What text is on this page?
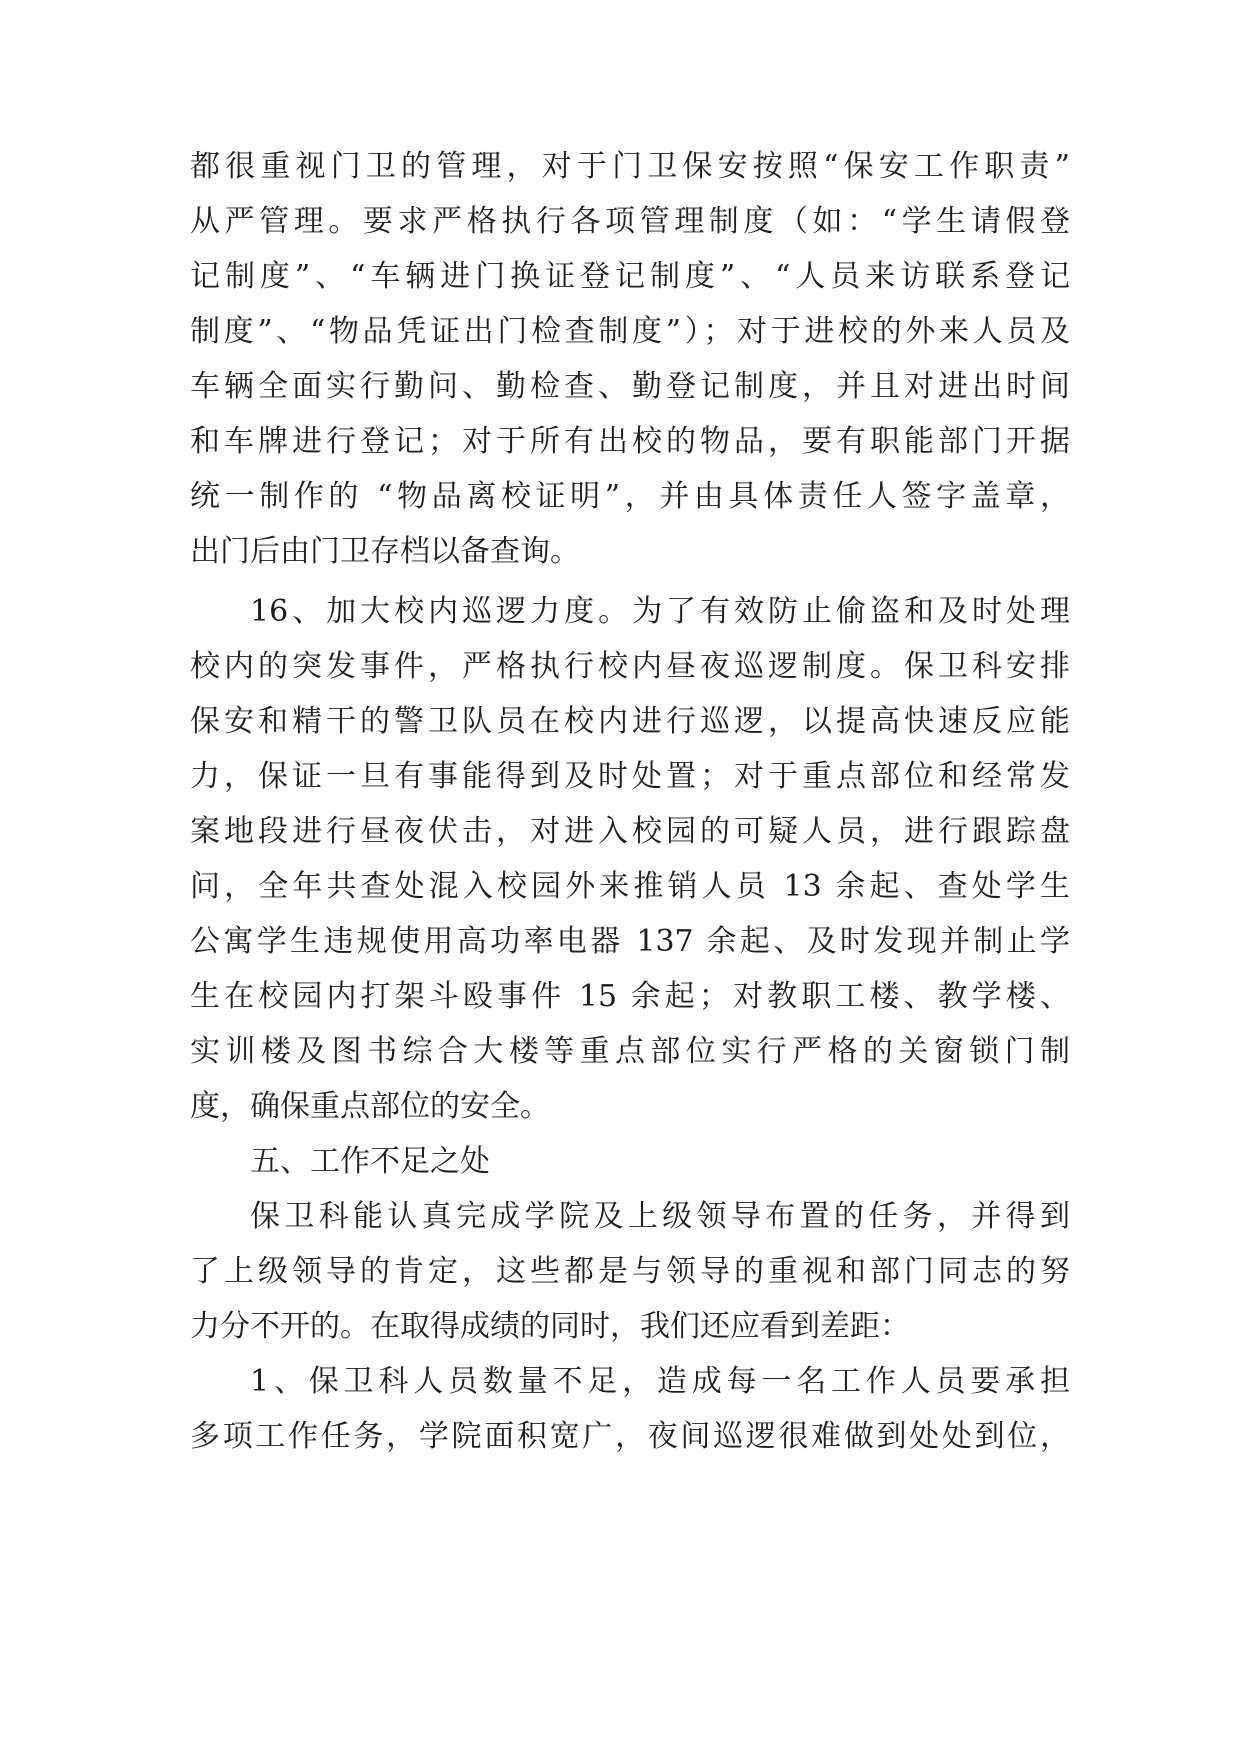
都很重视门卫的管理，对于门卫保安按照“保安工作职责”
从严管理。要求严格执行各项管理制度（如：“学生请假登
记制度”、“车辆进门换证登记制度”、“人员来访联系登记
制度”、“物品凭证出门检查制度”）；对于进校的外来人员及
车辆全面实行勤问、勤检查、勤登记制度，并且对进出时间
和车牌进行登记；对于所有出校的物品，要有职能部门开据
统一制作的 “物品离校证明”，并由具体责任人签字盖章，
出门后由门卫存档以备查询。
16、加大校内巡逻力度。为了有效防止偷盗和及时处理
校内的突发事件，严格执行校内昼夜巡逻制度。保卫科安排
保安和精干的警卫队员在校内进行巡逻，以提高快速反应能
力，保证一旦有事能得到及时处置；对于重点部位和经常发
案地段进行昼夜伏击，对进入校园的可疑人员，进行跟踪盘
问，全年共查处混入校园外来推销人员 13 余起、查处学生
公寓学生违规使用高功率电器 137 余起、及时发现并制止学
生在校园内打架斗殴事件 15 余起；对教职工楼、教学楼、
实训楼及图书综合大楼等重点部位实行严格的关窗锁门制
度，确保重点部位的安全。
五、工作不足之处
保卫科能认真完成学院及上级领导布置的任务，并得到
了上级领导的肯定，这些都是与领导的重视和部门同志的努
力分不开的。在取得成绩的同时，我们还应看到差距：
1、保卫科人员数量不足，造成每一名工作人员要承担
多项工作任务，学院面积宽广，夜间巡逻很难做到处处到位，
